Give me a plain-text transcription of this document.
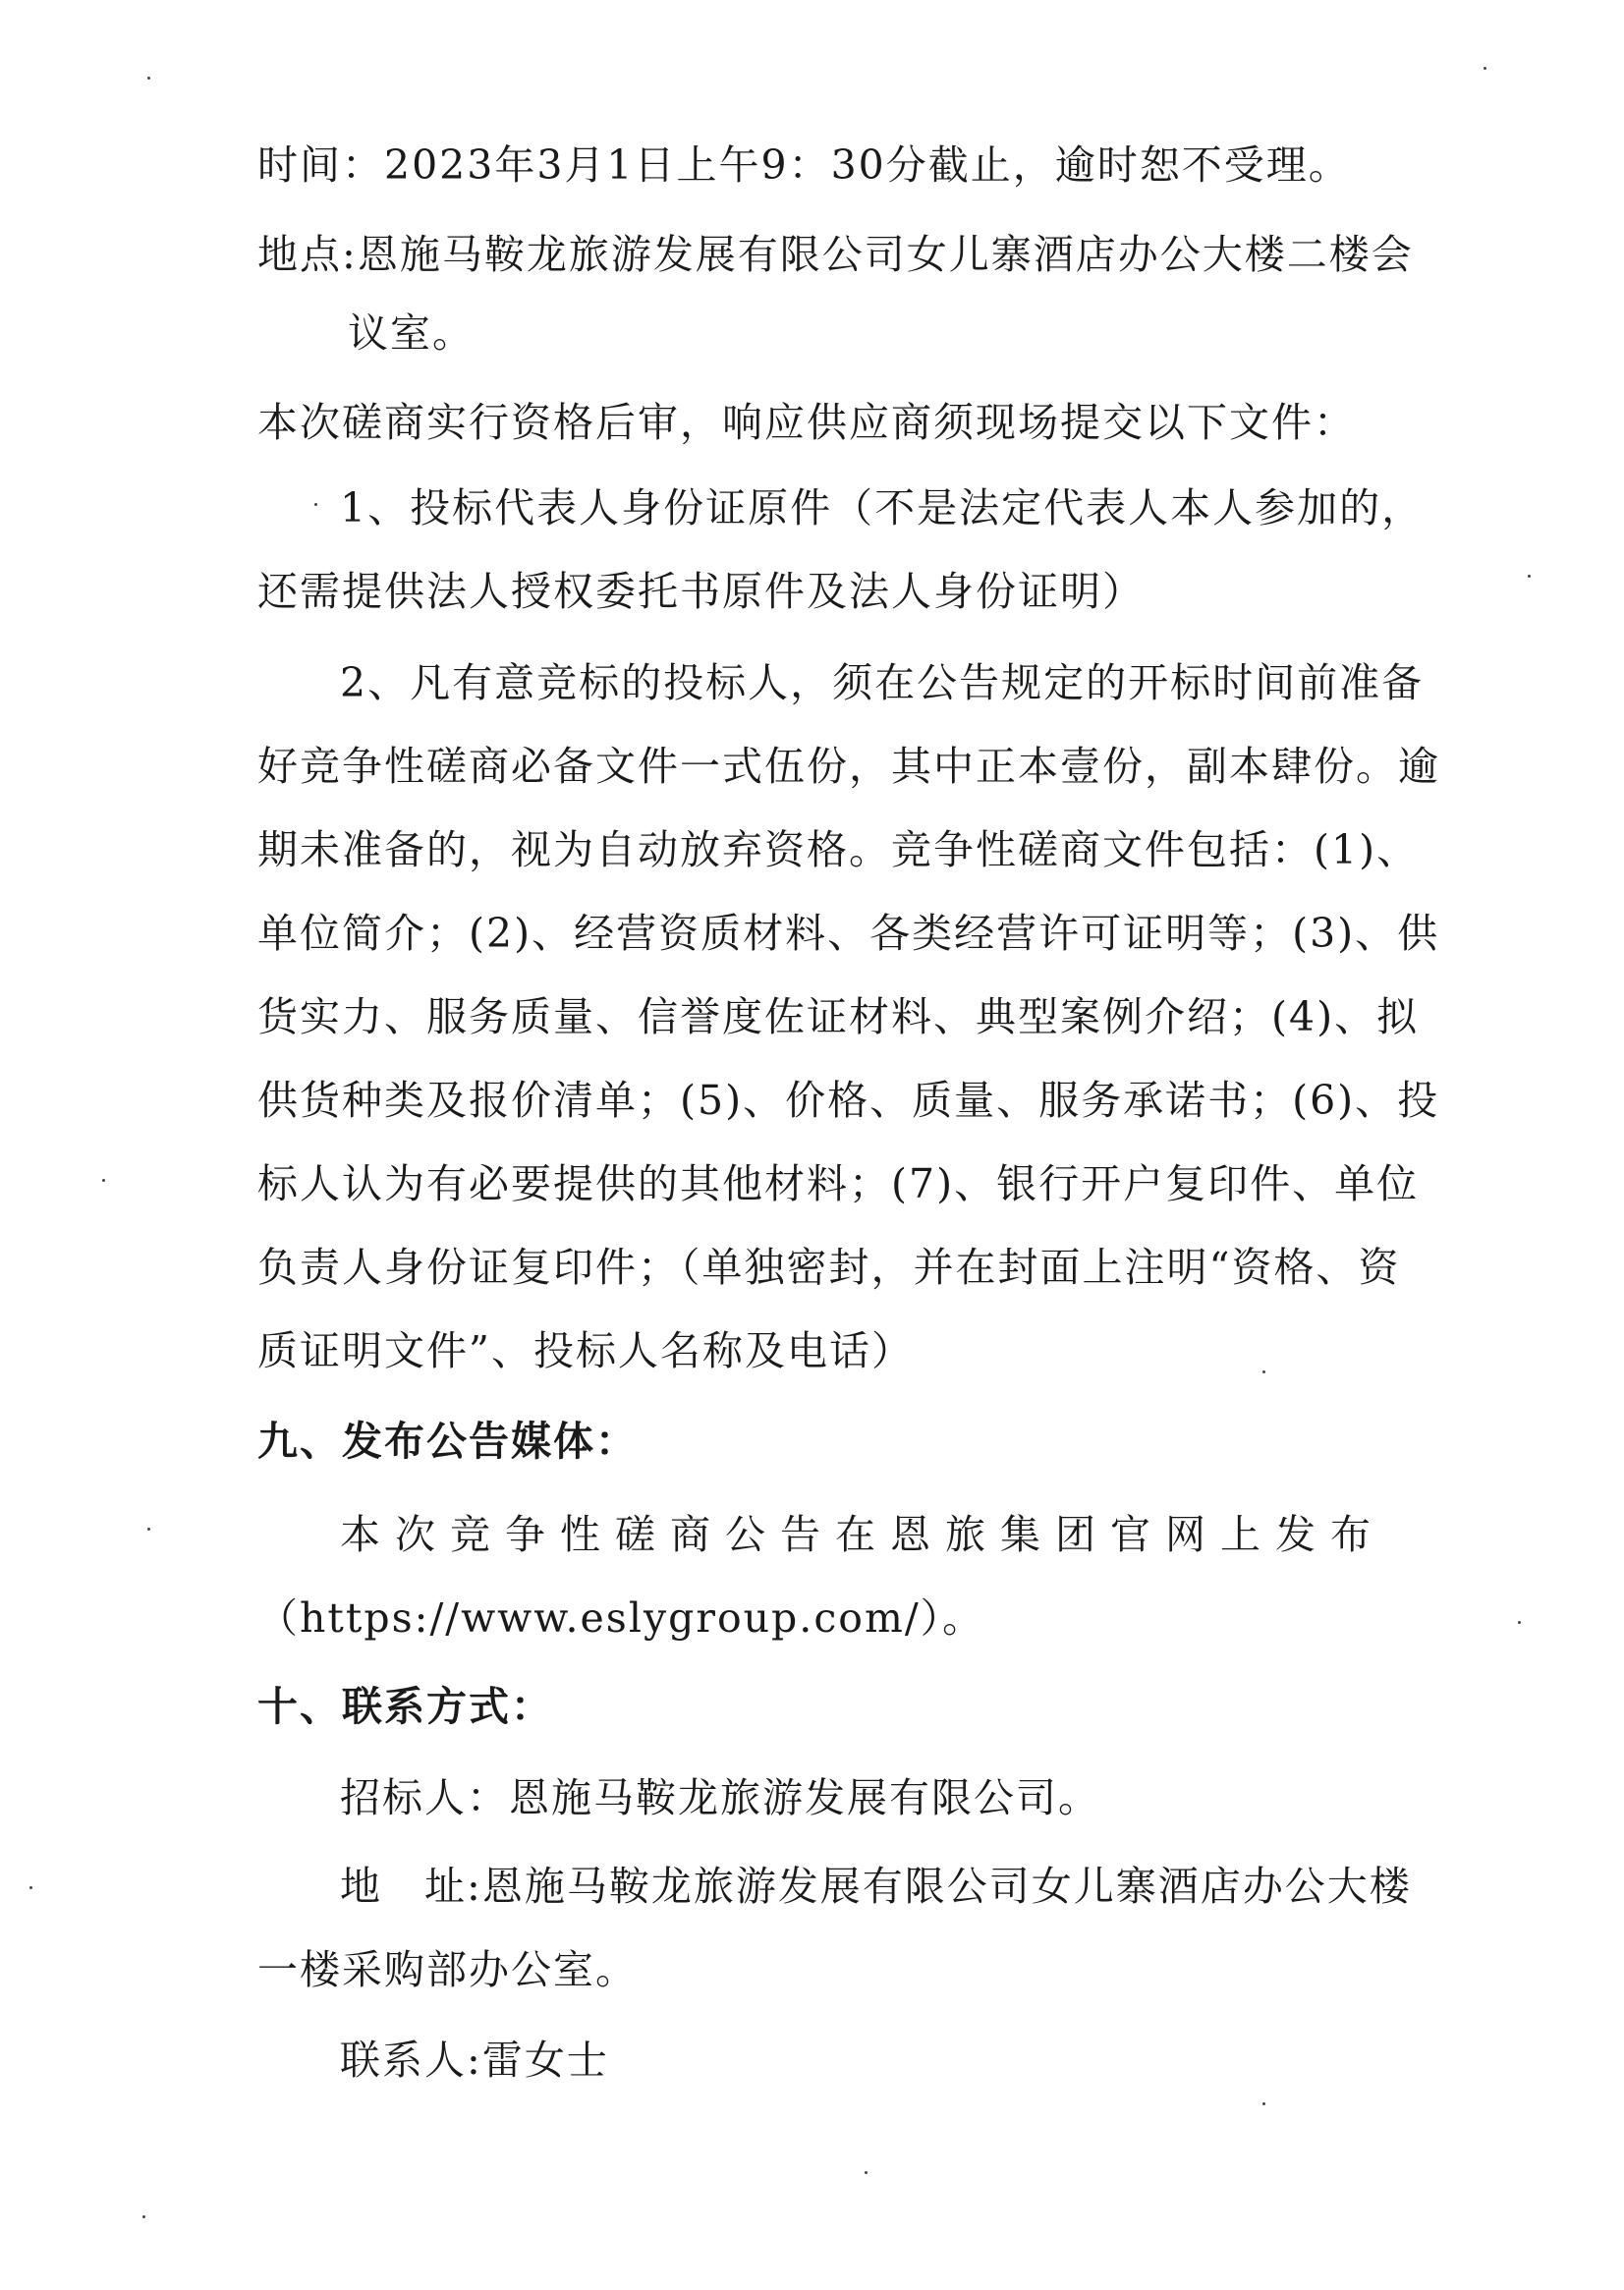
时间：2023年3月1日上午9：30分截止，逾时恕不受理。
地点:恩施马鞍龙旅游发展有限公司女儿寨酒店办公大楼二楼会
议室。
本次磋商实行资格后审，响应供应商须现场提交以下文件：
1、投标代表人身份证原件（不是法定代表人本人参加的，
还需提供法人授权委托书原件及法人身份证明）
2、凡有意竞标的投标人，须在公告规定的开标时间前准备
好竞争性磋商必备文件一式伍份，其中正本壹份，副本肆份。逾
期未准备的，视为自动放弃资格。竞争性磋商文件包括：(1)、
单位简介；(2)、经营资质材料、各类经营许可证明等；(3)、供
货实力、服务质量、信誉度佐证材料、典型案例介绍；(4)、拟
供货种类及报价清单；(5)、价格、质量、服务承诺书；(6)、投
标人认为有必要提供的其他材料；(7)、银行开户复印件、单位
负责人身份证复印件；（单独密封，并在封面上注明“资格、资
质证明文件”、投标人名称及电话）
九、发布公告媒体：
本次竞争性磋商公告在恩旅集团官网上发布
（https://www.eslygroup.com/）。
十、联系方式：
招标人：恩施马鞍龙旅游发展有限公司。
地　址:恩施马鞍龙旅游发展有限公司女儿寨酒店办公大楼
一楼采购部办公室。
联系人:雷女士
